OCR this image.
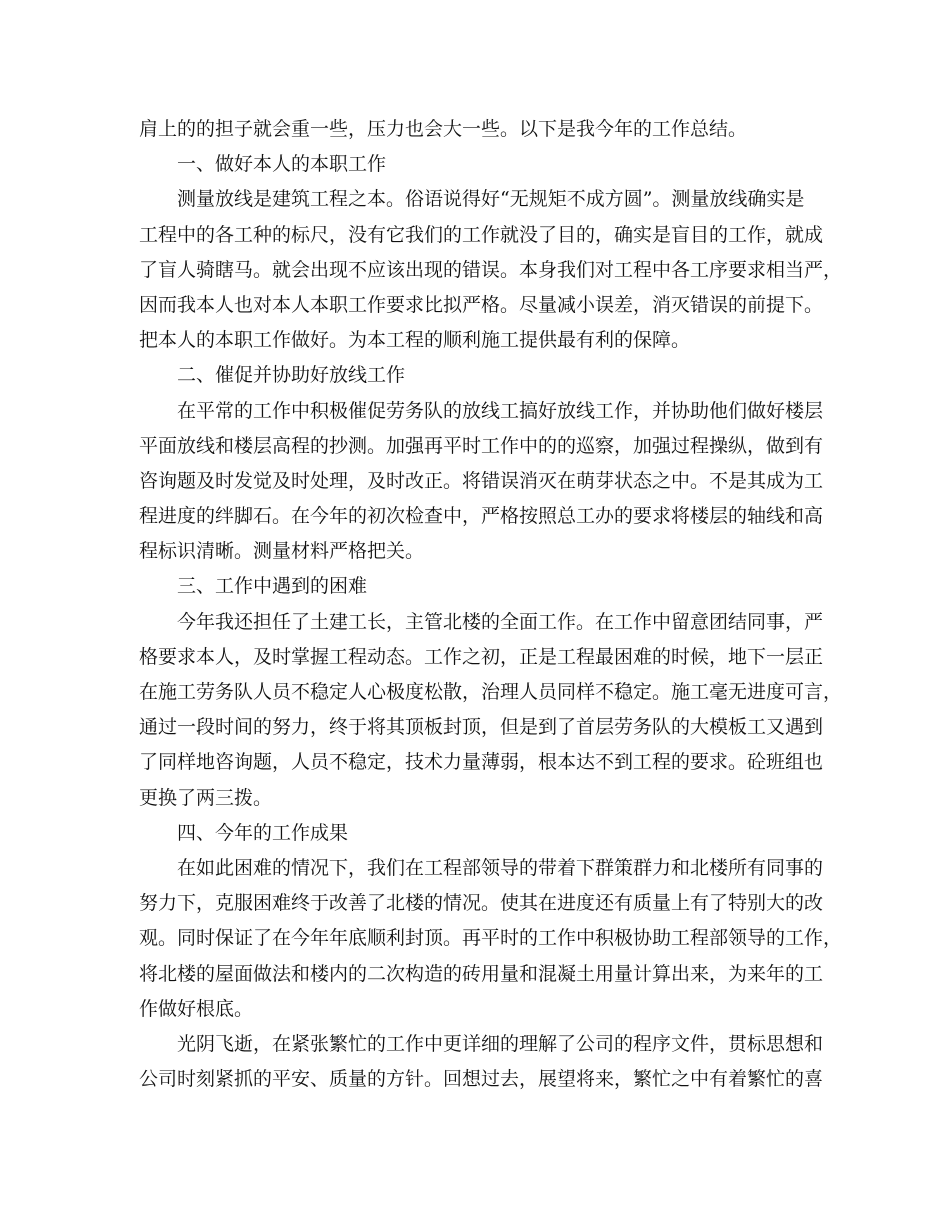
肩上的的担子就会重一些，压力也会大一些。以下是我今年的工作总结。
一、做好本人的本职工作
测量放线是建筑工程之本。俗语说得好“无规矩不成方圆”。测量放线确实是
工程中的各工种的标尺，没有它我们的工作就没了目的，确实是盲目的工作，就成
了盲人骑瞎马。就会出现不应该出现的错误。本身我们对工程中各工序要求相当严，
因而我本人也对本人本职工作要求比拟严格。尽量减小误差，消灭错误的前提下。
把本人的本职工作做好。为本工程的顺利施工提供最有利的保障。
二、催促并协助好放线工作
在平常的工作中积极催促劳务队的放线工搞好放线工作，并协助他们做好楼层
平面放线和楼层高程的抄测。加强再平时工作中的的巡察，加强过程操纵，做到有
咨询题及时发觉及时处理，及时改正。将错误消灭在萌芽状态之中。不是其成为工
程进度的绊脚石。在今年的初次检查中，严格按照总工办的要求将楼层的轴线和高
程标识清晰。测量材料严格把关。
三、工作中遇到的困难
今年我还担任了土建工长，主管北楼的全面工作。在工作中留意团结同事，严
格要求本人，及时掌握工程动态。工作之初，正是工程最困难的时候，地下一层正
在施工劳务队人员不稳定人心极度松散，治理人员同样不稳定。施工毫无进度可言，
通过一段时间的努力，终于将其顶板封顶，但是到了首层劳务队的大模板工又遇到
了同样地咨询题，人员不稳定，技术力量薄弱，根本达不到工程的要求。砼班组也
更换了两三拨。
四、今年的工作成果
在如此困难的情况下，我们在工程部领导的带着下群策群力和北楼所有同事的
努力下，克服困难终于改善了北楼的情况。使其在进度还有质量上有了特别大的改
观。同时保证了在今年年底顺利封顶。再平时的工作中积极协助工程部领导的工作，
将北楼的屋面做法和楼内的二次构造的砖用量和混凝土用量计算出来，为来年的工
作做好根底。
光阴飞逝，在紧张繁忙的工作中更详细的理解了公司的程序文件，贯标思想和
公司时刻紧抓的平安、质量的方针。回想过去，展望将来，繁忙之中有着繁忙的喜
